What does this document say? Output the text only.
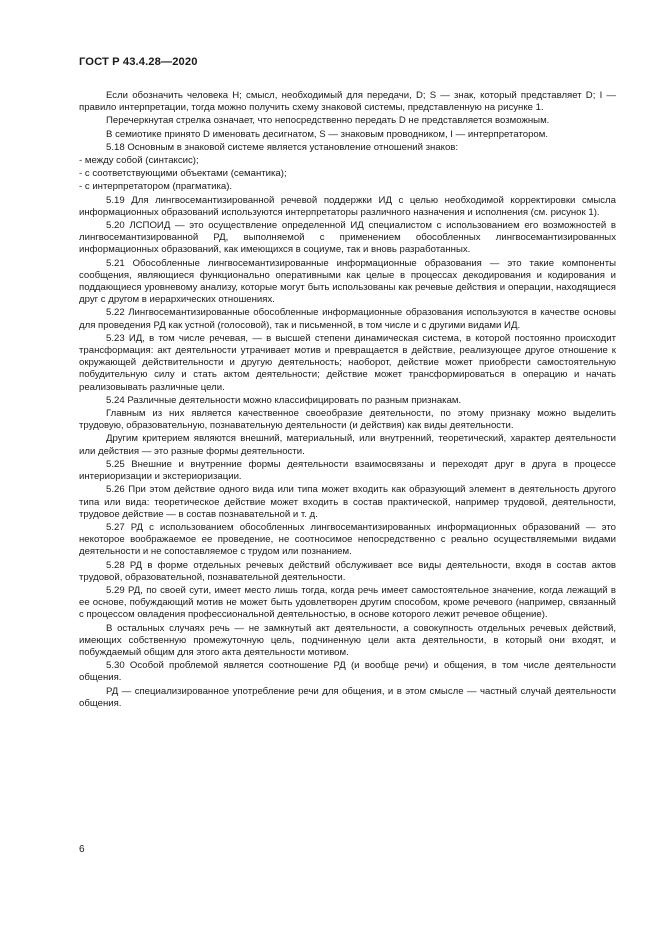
ГОСТ Р 43.4.28—2020

Если обозначить человека H; смысл, необходимый для передачи, D; S — знак, который представляет D; I — правило интерпретации, тогда можно получить схему знаковой системы, представленную на рисунке 1.

Перечеркнутая стрелка означает, что непосредственно передать D не представляется возможным.

В семиотике принято D именовать десигнатом, S — знаковым проводником, I — интерпретатором.

5.18 Основным в знаковой системе является установление отношений знаков:

- между собой (синтаксис);

- с соответствующими объектами (семантика);

- с интерпретатором (прагматика).

5.19 Для лингвосемантизированной речевой поддержки ИД с целью необходимой корректировки смысла информационных образований используются интерпретаторы различного назначения и исполнения (см. рисунок 1).

5.20 ЛСПОИД — это осуществление определенной ИД специалистом с использованием его возможностей в лингвосемантизированной РД, выполняемой с применением обособленных лингвосемантизированных информационных образований, как имеющихся в социуме, так и вновь разработанных.

5.21 Обособленные лингвосемантизированные информационные образования — это такие компоненты сообщения, являющиеся функционально оперативными как целые в процессах декодирования и кодирования и поддающиеся уровневому анализу, которые могут быть использованы как речевые действия и операции, находящиеся друг с другом в иерархических отношениях.

5.22 Лингвосемантизированные обособленные информационные образования используются в качестве основы для проведения РД как устной (голосовой), так и письменной, в том числе и с другими видами ИД.

5.23 ИД, в том числе речевая, — в высшей степени динамическая система, в которой постоянно происходит трансформация: акт деятельности утрачивает мотив и превращается в действие, реализующее другое отношение к окружающей действительности и другую деятельность; наоборот, действие может приобрести самостоятельную побудительную силу и стать актом деятельности; действие может трансформироваться в операцию и начать реализовывать различные цели.

5.24 Различные деятельности можно классифицировать по разным признакам.

Главным из них является качественное своеобразие деятельности, по этому признаку можно выделить трудовую, образовательную, познавательную деятельности (и действия) как виды деятельности.

Другим критерием являются внешний, материальный, или внутренний, теоретический, характер деятельности или действия — это разные формы деятельности.

5.25 Внешние и внутренние формы деятельности взаимосвязаны и переходят друг в друга в процессе интериоризации и экстериоризации.

5.26 При этом действие одного вида или типа может входить как образующий элемент в деятельность другого типа или вида: теоретическое действие может входить в состав практической, например трудовой, деятельности, трудовое действие — в состав познавательной и т. д.

5.27 РД с использованием обособленных лингвосемантизированных информационных образований — это некоторое воображаемое ее проведение, не соотносимое непосредственно с реально осуществляемыми видами деятельности и не сопоставляемое с трудом или познанием.

5.28 РД в форме отдельных речевых действий обслуживает все виды деятельности, входя в состав актов трудовой, образовательной, познавательной деятельности.

5.29 РД, по своей сути, имеет место лишь тогда, когда речь имеет самостоятельное значение, когда лежащий в ее основе, побуждающий мотив не может быть удовлетворен другим способом, кроме речевого (например, связанный с процессом овладения профессиональной деятельностью, в основе которого лежит речевое общение).

В остальных случаях речь — не замкнутый акт деятельности, а совокупность отдельных речевых действий, имеющих собственную промежуточную цель, подчиненную цели акта деятельности, в который они входят, и побуждаемый общим для этого акта деятельности мотивом.

5.30 Особой проблемой является соотношение РД (и вообще речи) и общения, в том числе деятельности общения.

РД — специализированное употребление речи для общения, и в этом смысле — частный случай деятельности общения.

6
